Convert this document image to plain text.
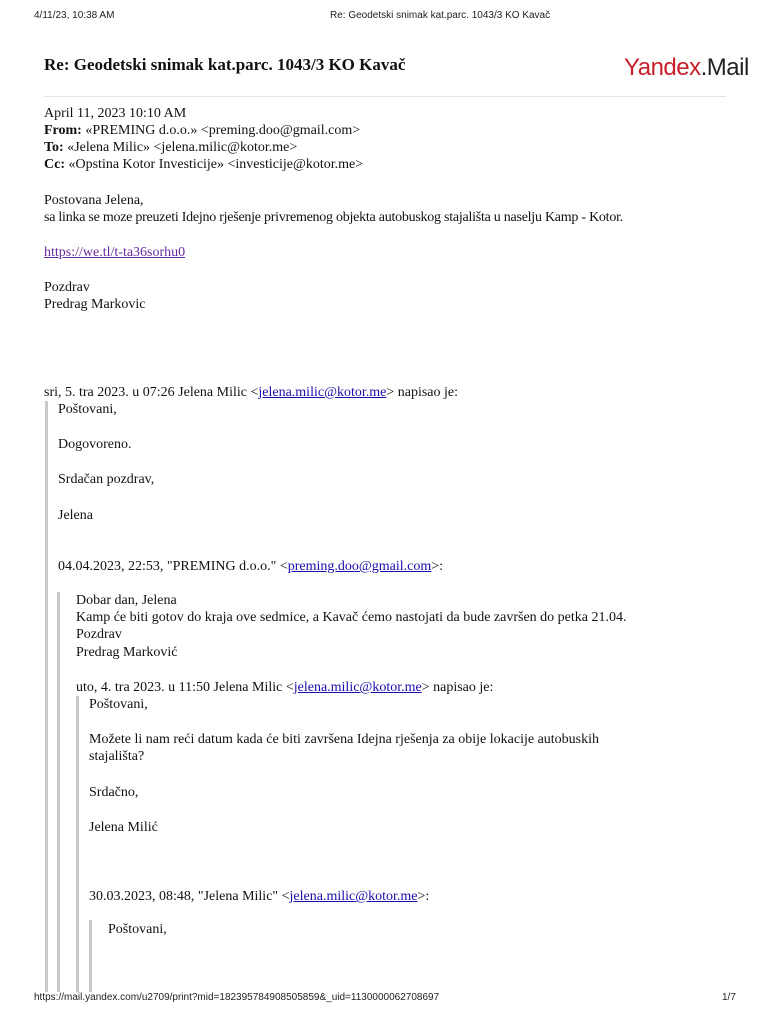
4/11/23, 10:38 AM	Re: Geodetski snimak kat.parc. 1043/3 KO Kavač
Re: Geodetski snimak kat.parc. 1043/3 KO Kavač	Yandex.Mail
April 11, 2023 10:10 AM
From: «PREMING d.o.o.» <preming.doo@gmail.com>
To: «Jelena Milic» <jelena.milic@kotor.me>
Cc: «Opstina Kotor Investicije» <investicije@kotor.me>
Postovana Jelena,
sa linka se moze preuzeti Idejno rješenje privremenog objekta autobuskog stajališta u naselju Kamp - Kotor.
https://we.tl/t-ta36sorhu0
Pozdrav
Predrag Markovic
sri, 5. tra 2023. u 07:26 Jelena Milic <jelena.milic@kotor.me> napisao je:
Poštovani,
Dogovoreno.
Srdačan pozdrav,
Jelena
04.04.2023, 22:53, "PREMING d.o.o." <preming.doo@gmail.com>:
Dobar dan, Jelena
Kamp će biti gotov do kraja ove sedmice, a Kavač ćemo nastojati da bude završen do petka 21.04.
Pozdrav
Predrag Marković
uto, 4. tra 2023. u 11:50 Jelena Milic <jelena.milic@kotor.me> napisao je:
Poštovani,
Možete li nam reći datum kada će biti završena Idejna rješenja za obije lokacije autobuskih
stajališta?
Srdačno,
Jelena Milić
30.03.2023, 08:48, "Jelena Milic" <jelena.milic@kotor.me>:
Poštovani,
https://mail.yandex.com/u2709/print?mid=182395784908505859&_uid=1130000062708697	1/7
